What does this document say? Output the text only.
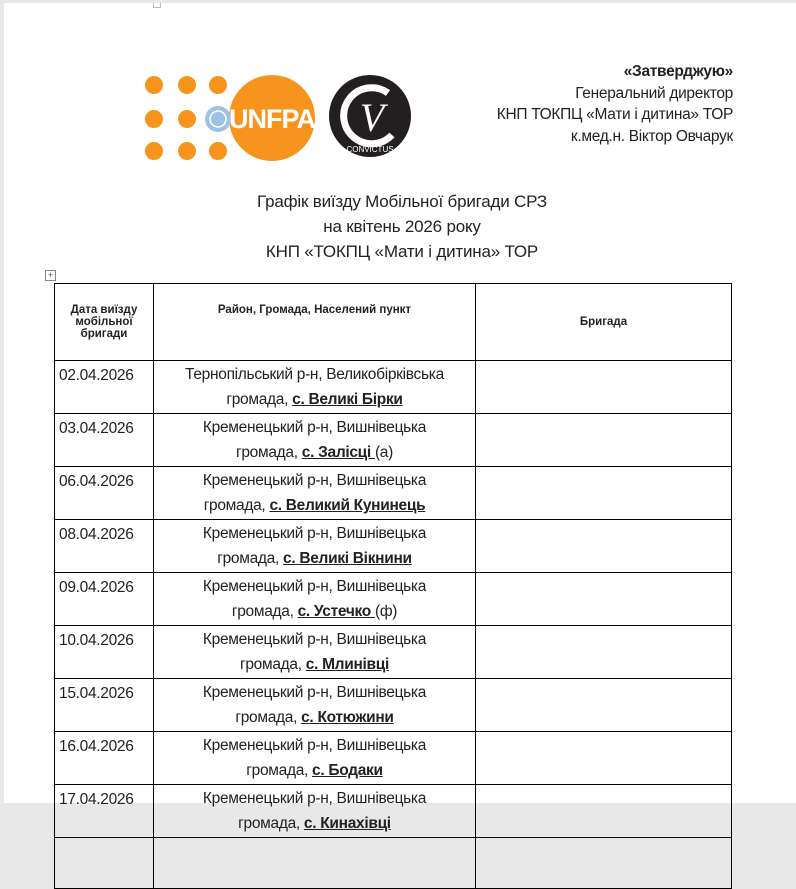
UNFPA V
CONVICTUS
«Затверджую»
Генеральний директор
КНП ТОКПЦ «Мати і дитина» ТОР
к.мед.н. Віктор Овчарук
Графік виїзду Мобільної бригади СРЗ
на квітень 2026 року
КНП «ТОКПЦ «Мати і дитина» ТОР
+
Дата виїзду мобільної бригади	Район, Громада, Населений пункт	Бригада
02.04.2026	Тернопільський р-н, Великобірківська
громада, с. Великі Бірки	

03.04.2026	Кременецький р-н, Вишнівецька
громада, с. Залісці (а)	

06.04.2026	Кременецький р-н, Вишнівецька
громада, с. Великий Кунинець	

08.04.2026	Кременецький р-н, Вишнівецька
громада, с. Великі Вікнини	

09.04.2026	Кременецький р-н, Вишнівецька
громада, с. Устечко (ф)	

10.04.2026	Кременецький р-н, Вишнівецька
громада, с. Млинівці	

15.04.2026	Кременецький р-н, Вишнівецька
громада, с. Котюжини	

16.04.2026	Кременецький р-н, Вишнівецька
громада, с. Бодаки	

17.04.2026	Кременецький р-н, Вишнівецька
громада, с. Кинахівці	
